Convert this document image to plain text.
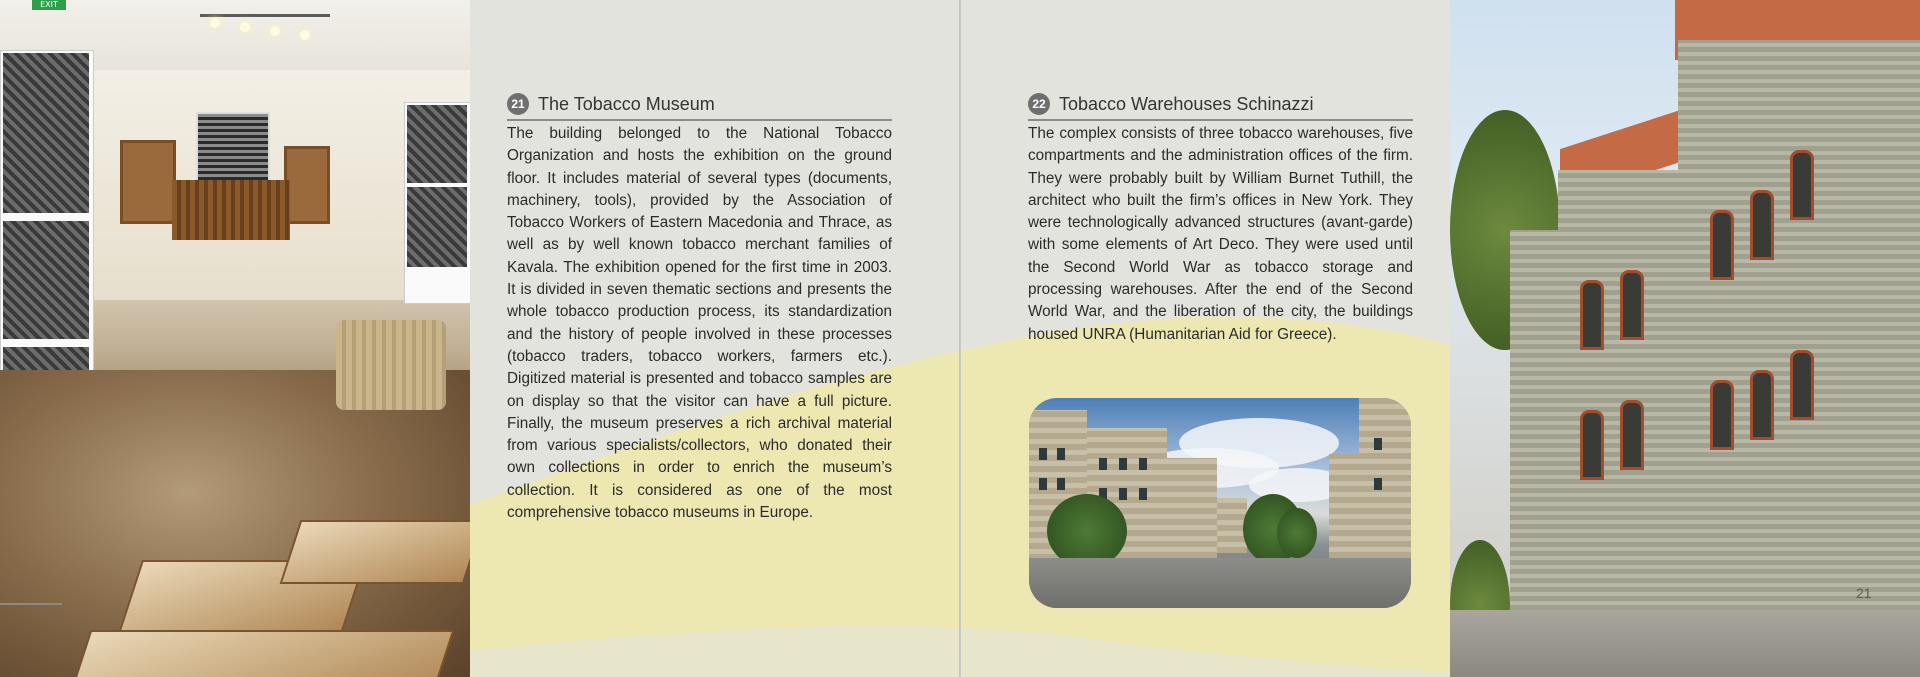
EXIT
21 The Tobacco Museum
The building belonged to the National Tobacco Organization and hosts the exhibition on the ground floor. It includes material of several types (documents, machinery, tools), provided by the Association of Tobacco Workers of Eastern Macedonia and Thrace, as well as by well known tobacco merchant families of Kavala. The exhibition opened for the first time in 2003. It is divided in seven thematic sections and presents the whole tobacco production process, its standardization and the history of people involved in these processes (tobacco traders, tobacco workers, farmers etc.). Digitized material is presented and tobacco samples are on display so that the visitor can have a full picture. Finally, the museum preserves a rich archival material from various specialists/collectors, who donated their own collections in order to enrich the museum’s collection. It is considered as one of the most comprehensive tobacco museums in Europe.
22 Tobacco Warehouses Schinazzi
The complex consists of three tobacco warehouses, five compartments and the administration offices of the firm. They were probably built by William Burnet Tuthill, the architect who built the firm’s offices in New York. They were technologically advanced structures (avant-garde) with some elements of Art Deco. They were used until the Second World War as tobacco storage and processing warehouses. After the end of the Second World War, and the liberation of the city, the buildings housed UNRA (Humanitarian Aid for Greece).
21
